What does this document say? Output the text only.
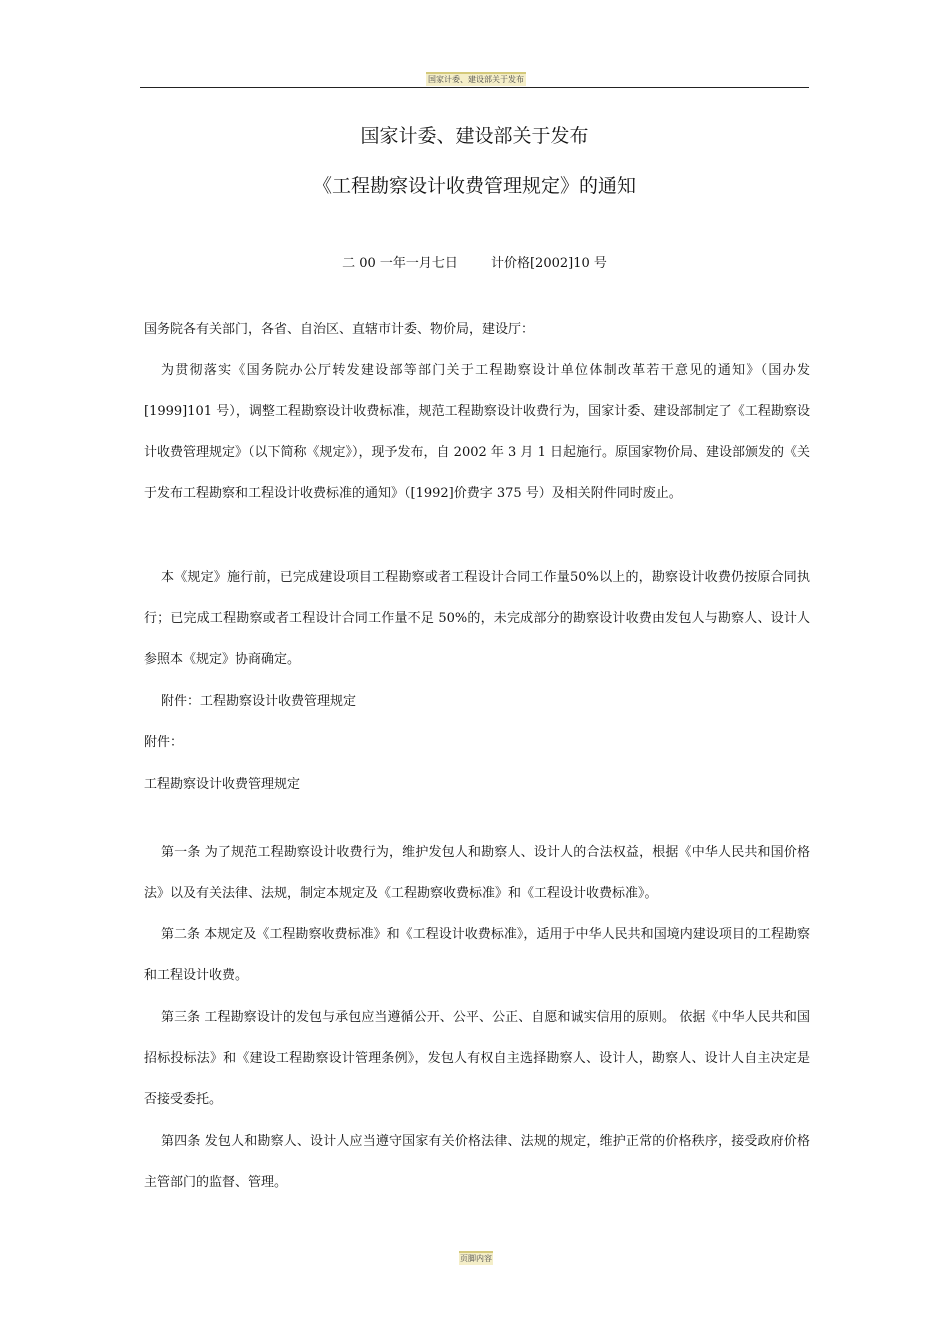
国家计委、建设部关于发布
国家计委、建设部关于发布
《工程勘察设计收费管理规定》的通知
二 00 一年一月七日        计价格[2002]10 号

国务院各有关部门，各省、自治区、直辖市计委、物价局，建设厅：

为贯彻落实《国务院办公厅转发建设部等部门关于工程勘察设计单位体制改革若干意见的通知》（国办发[1999]101 号），调整工程勘察设计收费标准，规范工程勘察设计收费行为，国家计委、建设部制定了《工程勘察设计收费管理规定》（以下简称《规定》），现予发布，自 2002 年 3 月 1 日起施行。原国家物价局、建设部颁发的《关于发布工程勘察和工程设计收费标准的通知》（[1992]价费字 375 号）及相关附件同时废止。

本《规定》施行前，已完成建设项目工程勘察或者工程设计合同工作量50%以上的，勘察设计收费仍按原合同执行；已完成工程勘察或者工程设计合同工作量不足 50%的，未完成部分的勘察设计收费由发包人与勘察人、设计人参照本《规定》协商确定。

附件：工程勘察设计收费管理规定

附件：

工程勘察设计收费管理规定

第一条 为了规范工程勘察设计收费行为，维护发包人和勘察人、设计人的合法权益，根据《中华人民共和国价格法》以及有关法律、法规，制定本规定及《工程勘察收费标准》和《工程设计收费标准》。

第二条 本规定及《工程勘察收费标准》和《工程设计收费标准》，适用于中华人民共和国境内建设项目的工程勘察和工程设计收费。

第三条 工程勘察设计的发包与承包应当遵循公开、公平、公正、自愿和诚实信用的原则。 依据《中华人民共和国招标投标法》和《建设工程勘察设计管理条例》，发包人有权自主选择勘察人、设计人，勘察人、设计人自主决定是否接受委托。

第四条 发包人和勘察人、设计人应当遵守国家有关价格法律、法规的规定，维护正常的价格秩序，接受政府价格主管部门的监督、管理。

页脚内容
